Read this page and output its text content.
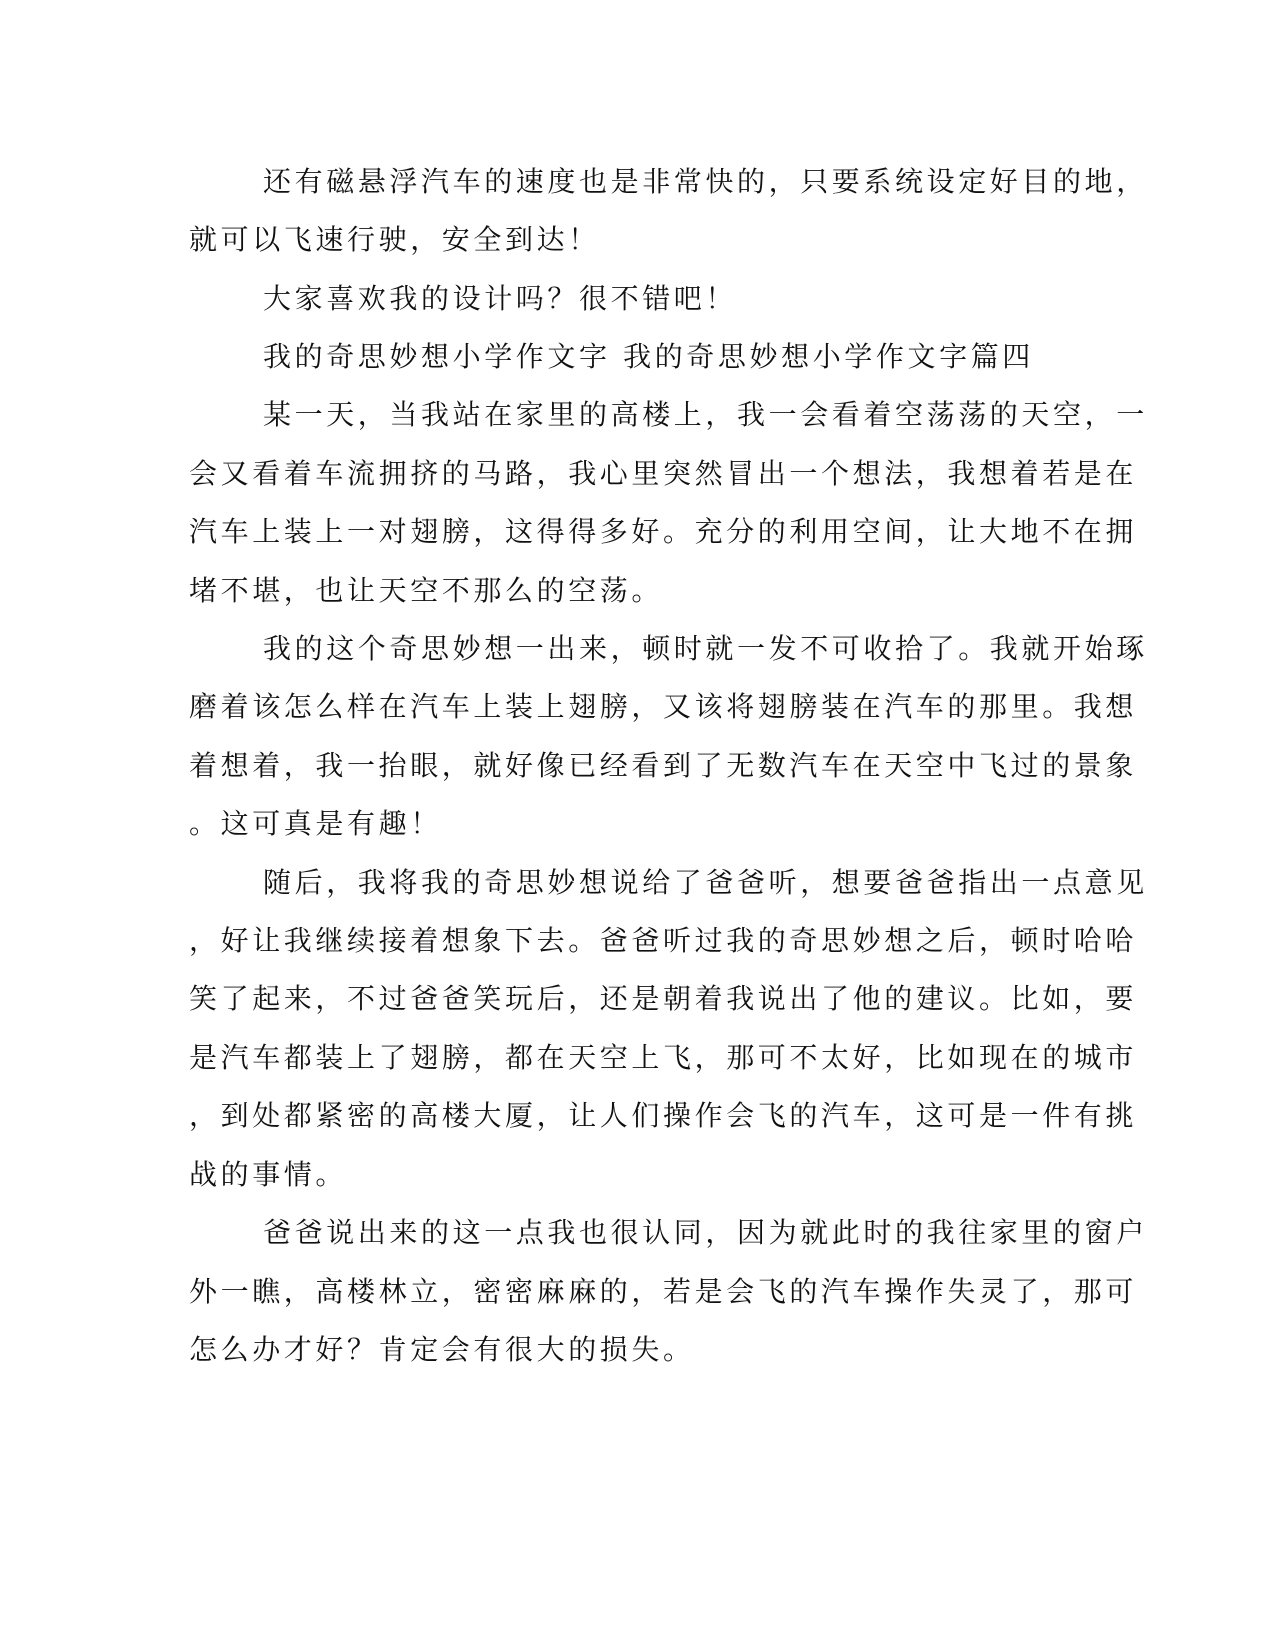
还有磁悬浮汽车的速度也是非常快的，只要系统设定好目的地，
就可以飞速行驶，安全到达！
大家喜欢我的设计吗？很不错吧！
我的奇思妙想小学作文字 我的奇思妙想小学作文字篇四
某一天，当我站在家里的高楼上，我一会看着空荡荡的天空，一
会又看着车流拥挤的马路，我心里突然冒出一个想法，我想着若是在
汽车上装上一对翅膀，这得得多好。充分的利用空间，让大地不在拥
堵不堪，也让天空不那么的空荡。
我的这个奇思妙想一出来，顿时就一发不可收拾了。我就开始琢
磨着该怎么样在汽车上装上翅膀，又该将翅膀装在汽车的那里。我想
着想着，我一抬眼，就好像已经看到了无数汽车在天空中飞过的景象
。这可真是有趣！
随后，我将我的奇思妙想说给了爸爸听，想要爸爸指出一点意见
，好让我继续接着想象下去。爸爸听过我的奇思妙想之后，顿时哈哈
笑了起来，不过爸爸笑玩后，还是朝着我说出了他的建议。比如，要
是汽车都装上了翅膀，都在天空上飞，那可不太好，比如现在的城市
，到处都紧密的高楼大厦，让人们操作会飞的汽车，这可是一件有挑
战的事情。
爸爸说出来的这一点我也很认同，因为就此时的我往家里的窗户
外一瞧，高楼林立，密密麻麻的，若是会飞的汽车操作失灵了，那可
怎么办才好？肯定会有很大的损失。
